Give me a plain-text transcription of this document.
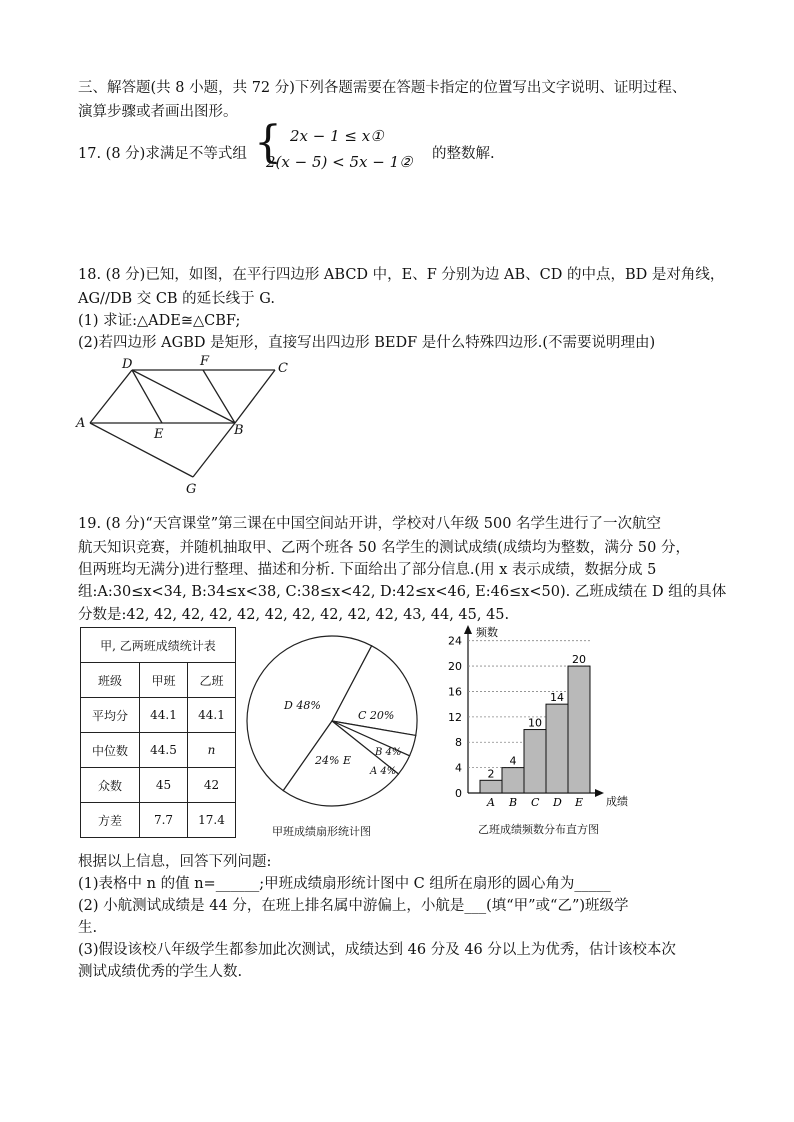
三、解答题(共 8 小题，共 72 分)下列各题需要在答题卡指定的位置写出文字说明、证明过程、
演算步骤或者画出图形。
17. (8 分)求满足不等式组 { 2x − 1 ≤ x①
2(x − 5) < 5x − 1② 的整数解.
18. (8 分)已知，如图，在平行四边形 ABCD 中，E、F 分别为边 AB、CD 的中点，BD 是对角线，
AG//DB 交 CB 的延长线于 G.
(1) 求证:△ADE≅△CBF;
(2)若四边形 AGBD 是矩形，直接写出四边形 BEDF 是什么特殊四边形.(不需要说明理由)
A
D	F	C
E	B
G
19. (8 分)“天宫课堂”第三课在中国空间站开讲，学校对八年级 500 名学生进行了一次航空
航天知识竞赛，并随机抽取甲、乙两个班各 50 名学生的测试成绩(成绩均为整数，满分 50 分，
但两班均无满分)进行整理、描述和分析. 下面给出了部分信息.(用 x 表示成绩，数据分成 5
组:A:30≤x<34, B:34≤x<38, C:38≤x<42, D:42≤x<46, E:46≤x<50). 乙班成绩在 D 组的具体
分数是:42, 42, 42, 42, 42, 42, 42, 42, 42, 42, 43, 44, 45, 45.
甲, 乙两班成绩统计表		
班级	甲班	乙班
平均分	44.1	44.1
中位数	44.5	n
众数	45	42
方差	7.7	17.4
D 48%
C 20%
B 4%
A 4%
24% E
甲班成绩扇形统计图
频数
成绩
0
4
8
12
16
20
24
2
A
4
B
10
C
14
D
20
E
乙班成绩频数分布直方图
根据以上信息，回答下列问题:
(1)表格中 n 的值 n=______;甲班成绩扇形统计图中 C 组所在扇形的圆心角为_____
(2) 小航测试成绩是 44 分，在班上排名属中游偏上，小航是___(填“甲”或“乙”)班级学
生.
(3)假设该校八年级学生都参加此次测试，成绩达到 46 分及 46 分以上为优秀，估计该校本次
测试成绩优秀的学生人数.
